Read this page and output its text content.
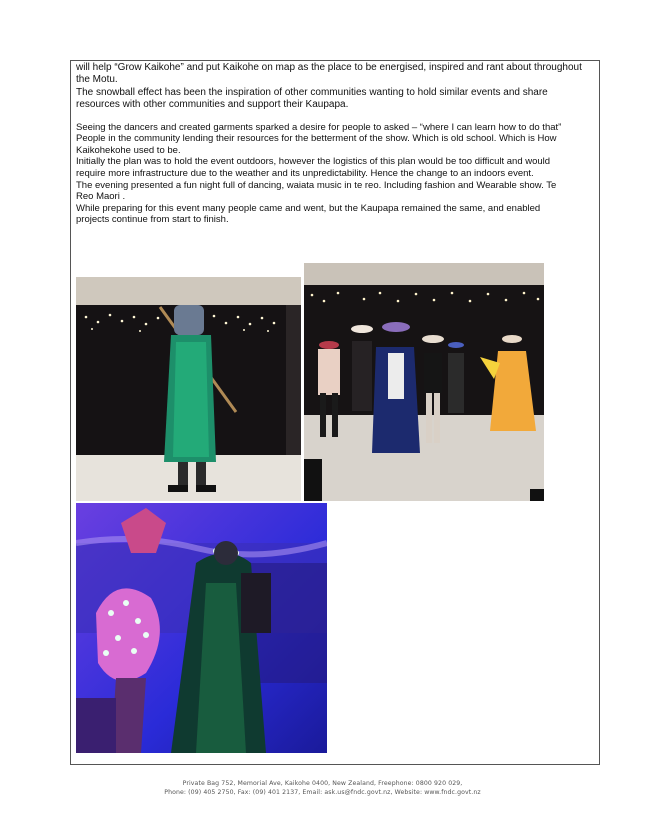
will help “Grow Kaikohe” and put Kaikohe on map as the place to be energised, inspired and rant about throughout

the Motu.

The snowball effect has been the inspiration of other communities wanting to hold similar events and share

resources with other communities and support their Kaupapa.

Seeing the dancers and created garments sparked a desire for people to asked – “where I can learn how to do that”

People in the community lending their resources for the betterment of the show. Which is old school. Which is How

Kaikohekohe used to be.

Initially the plan was to hold the event outdoors, however the logistics of this plan would be too difficult and would

require more infrastructure due to the weather and its unpredictability. Hence the change to an indoors event.

The evening presented a fun night full of dancing, waiata music in te reo. Including fashion and Wearable show. Te

Reo Maori .

While preparing for this event many people came and went, but the Kaupapa remained the same, and enabled

projects continue from start to finish.

Private Bag 752, Memorial Ave, Kaikohe 0400, New Zealand, Freephone: 0800 920 029,
Phone: (09) 405 2750, Fax: (09) 401 2137, Email: ask.us@fndc.govt.nz, Website: www.fndc.govt.nz
